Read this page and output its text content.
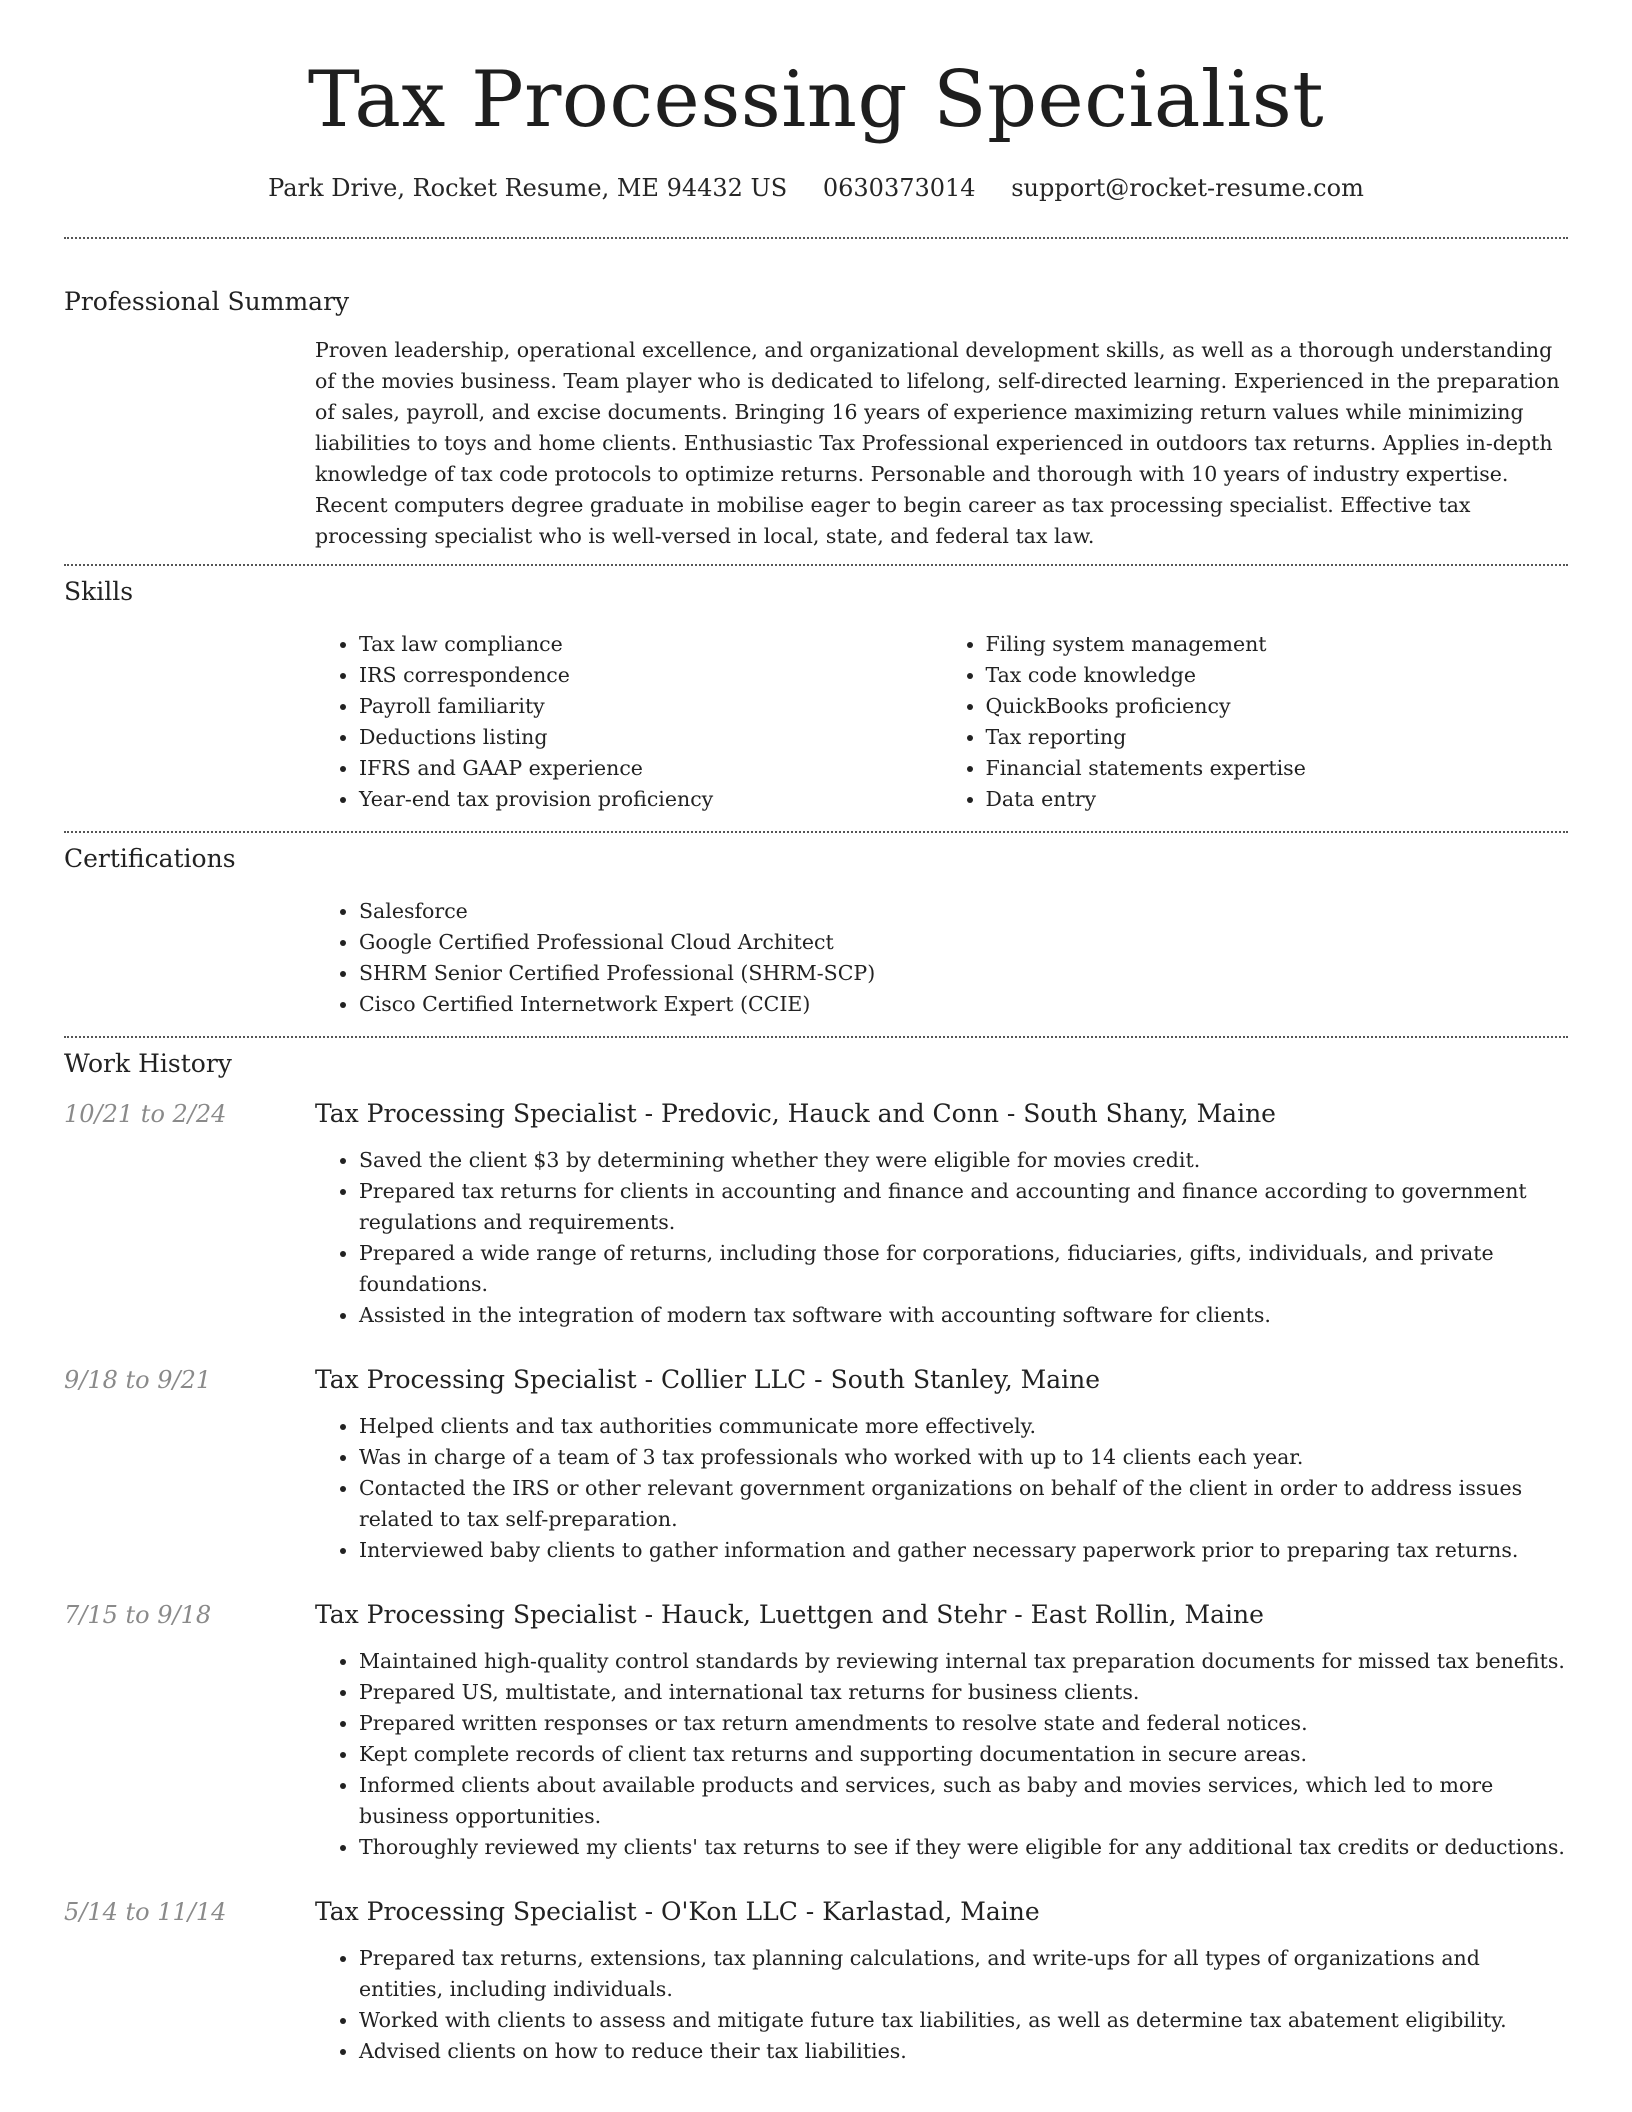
Tax Processing Specialist
Park Drive, Rocket Resume, ME 94432 US 0630373014 support@rocket-resume.com
Professional Summary
Proven leadership, operational excellence, and organizational development skills, as well as a thorough understanding of the movies business. Team player who is dedicated to lifelong, self-directed learning. Experienced in the preparation of sales, payroll, and excise documents. Bringing 16 years of experience maximizing return values while minimizing liabilities to toys and home clients. Enthusiastic Tax Professional experienced in outdoors tax returns. Applies in-depth knowledge of tax code protocols to optimize returns. Personable and thorough with 10 years of industry expertise. Recent computers degree graduate in mobilise eager to begin career as tax processing specialist. Effective tax processing specialist who is well-versed in local, state, and federal tax law.
Skills
• Tax law compliance
• IRS correspondence
• Payroll familiarity
• Deductions listing
• IFRS and GAAP experience
• Year-end tax provision proficiency
• Filing system management
• Tax code knowledge
• QuickBooks proficiency
• Tax reporting
• Financial statements expertise
• Data entry
Certifications
• Salesforce
• Google Certified Professional Cloud Architect
• SHRM Senior Certified Professional (SHRM-SCP)
• Cisco Certified Internetwork Expert (CCIE)
Work History
10/21 to 2/24	Tax Processing Specialist - Predovic, Hauck and Conn - South Shany, Maine
• Saved the client $3 by determining whether they were eligible for movies credit.
• Prepared tax returns for clients in accounting and finance and accounting and finance according to government regulations and requirements.
• Prepared a wide range of returns, including those for corporations, fiduciaries, gifts, individuals, and private foundations.
• Assisted in the integration of modern tax software with accounting software for clients.
9/18 to 9/21	Tax Processing Specialist - Collier LLC - South Stanley, Maine
• Helped clients and tax authorities communicate more effectively.
• Was in charge of a team of 3 tax professionals who worked with up to 14 clients each year.
• Contacted the IRS or other relevant government organizations on behalf of the client in order to address issues related to tax self-preparation.
• Interviewed baby clients to gather information and gather necessary paperwork prior to preparing tax returns.
7/15 to 9/18	Tax Processing Specialist - Hauck, Luettgen and Stehr - East Rollin, Maine
• Maintained high-quality control standards by reviewing internal tax preparation documents for missed tax benefits.
• Prepared US, multistate, and international tax returns for business clients.
• Prepared written responses or tax return amendments to resolve state and federal notices.
• Kept complete records of client tax returns and supporting documentation in secure areas.
• Informed clients about available products and services, such as baby and movies services, which led to more business opportunities.
• Thoroughly reviewed my clients' tax returns to see if they were eligible for any additional tax credits or deductions.
5/14 to 11/14	Tax Processing Specialist - O'Kon LLC - Karlastad, Maine
• Prepared tax returns, extensions, tax planning calculations, and write-ups for all types of organizations and entities, including individuals.
• Worked with clients to assess and mitigate future tax liabilities, as well as determine tax abatement eligibility.
• Advised clients on how to reduce their tax liabilities.
